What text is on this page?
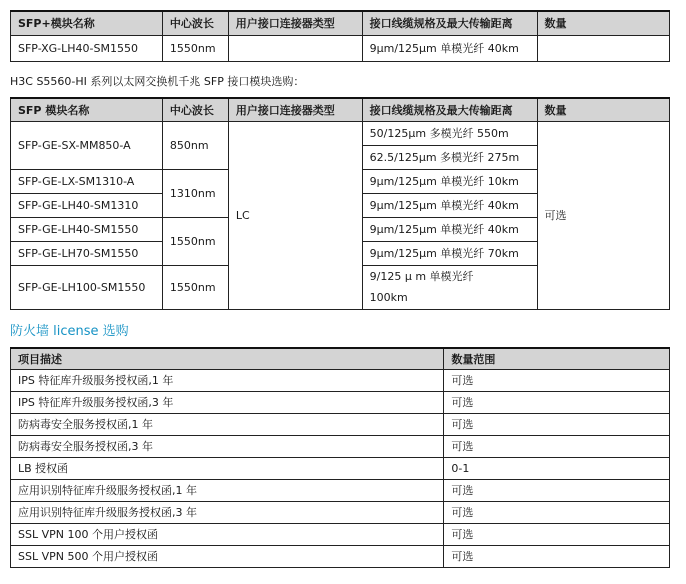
SFP+模块名称	中心波长	用户接口连接器类型	接口线缆规格及最大传输距离	数量
SFP-XG-LH40-SM1550	1550nm		9µm/125µm 单模光纤 40km	
H3C S5560-HI 系列以太网交换机千兆 SFP 接口模块选购：
SFP 模块名称	中心波长	用户接口连接器类型	接口线缆规格及最大传输距离	数量
SFP-GE-SX-MM850-A	850nm	LC	50/125µm 多模光纤 550m	可选
			62.5/125µm 多模光纤 275m	
SFP-GE-LX-SM1310-A	1310nm		9µm/125µm 单模光纤 10km	
SFP-GE-LH40-SM1310			9µm/125µm 单模光纤 40km	
SFP-GE-LH40-SM1550	1550nm		9µm/125µm 单模光纤 40km	
SFP-GE-LH70-SM1550			9µm/125µm 单模光纤 70km	
SFP-GE-LH100-SM1550	1550nm		9/125 µ m 单模光纤	
			100km	
防火墙 license 选购
项目描述	数量范围
IPS 特征库升级服务授权函,1 年	可选
IPS 特征库升级服务授权函,3 年	可选
防病毒安全服务授权函,1 年	可选
防病毒安全服务授权函,3 年	可选
LB 授权函	0-1
应用识别特征库升级服务授权函,1 年	可选
应用识别特征库升级服务授权函,3 年	可选
SSL VPN 100 个用户授权函	可选
SSL VPN 500 个用户授权函	可选
